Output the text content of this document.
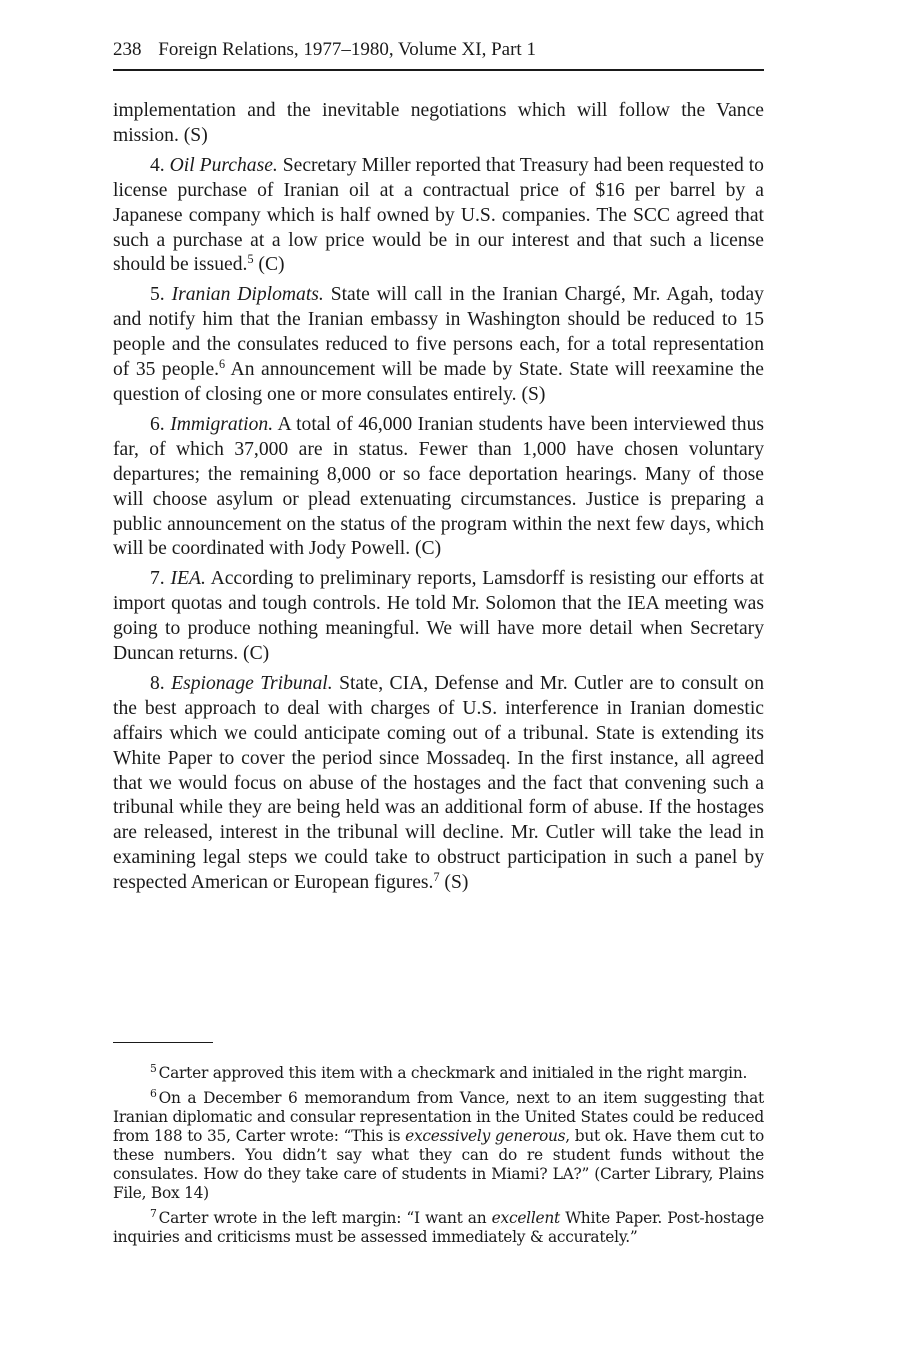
238 Foreign Relations, 1977–1980, Volume XI, Part 1

implementation and the inevitable negotiations which will follow the Vance mission. (S)

4. Oil Purchase. Secretary Miller reported that Treasury had been requested to license purchase of Iranian oil at a contractual price of $16 per barrel by a Japanese company which is half owned by U.S. companies. The SCC agreed that such a purchase at a low price would be in our interest and that such a license should be issued.$^5$ (C)

5. Iranian Diplomats. State will call in the Iranian Chargé, Mr. Agah, today and notify him that the Iranian embassy in Washington should be reduced to 15 people and the consulates reduced to five persons each, for a total representation of 35 people.$^6$ An announcement will be made by State. State will reexamine the question of closing one or more consulates entirely. (S)

6. Immigration. A total of 46,000 Iranian students have been interviewed thus far, of which 37,000 are in status. Fewer than 1,000 have chosen voluntary departures; the remaining 8,000 or so face deportation hearings. Many of those will choose asylum or plead extenuating circumstances. Justice is preparing a public announcement on the status of the program within the next few days, which will be coordinated with Jody Powell. (C)

7. IEA. According to preliminary reports, Lamsdorff is resisting our efforts at import quotas and tough controls. He told Mr. Solomon that the IEA meeting was going to produce nothing meaningful. We will have more detail when Secretary Duncan returns. (C)

8. Espionage Tribunal. State, CIA, Defense and Mr. Cutler are to consult on the best approach to deal with charges of U.S. interference in Iranian domestic affairs which we could anticipate coming out of a tribunal. State is extending its White Paper to cover the period since Mossadeq. In the first instance, all agreed that we would focus on abuse of the hostages and the fact that convening such a tribunal while they are being held was an additional form of abuse. If the hostages are released, interest in the tribunal will decline. Mr. Cutler will take the lead in examining legal steps we could take to obstruct participation in such a panel by respected American or European figures.$^7$ (S)

$^5$ Carter approved this item with a checkmark and initialed in the right margin.

$^6$ On a December 6 memorandum from Vance, next to an item suggesting that Iranian diplomatic and consular representation in the United States could be reduced from 188 to 35, Carter wrote: “This is excessively generous, but ok. Have them cut to these numbers. You didn’t say what they can do re student funds without the consulates. How do they take care of students in Miami? LA?” (Carter Library, Plains File, Box 14)

$^7$ Carter wrote in the left margin: “I want an excellent White Paper. Post-hostage inquiries and criticisms must be assessed immediately & accurately.”
